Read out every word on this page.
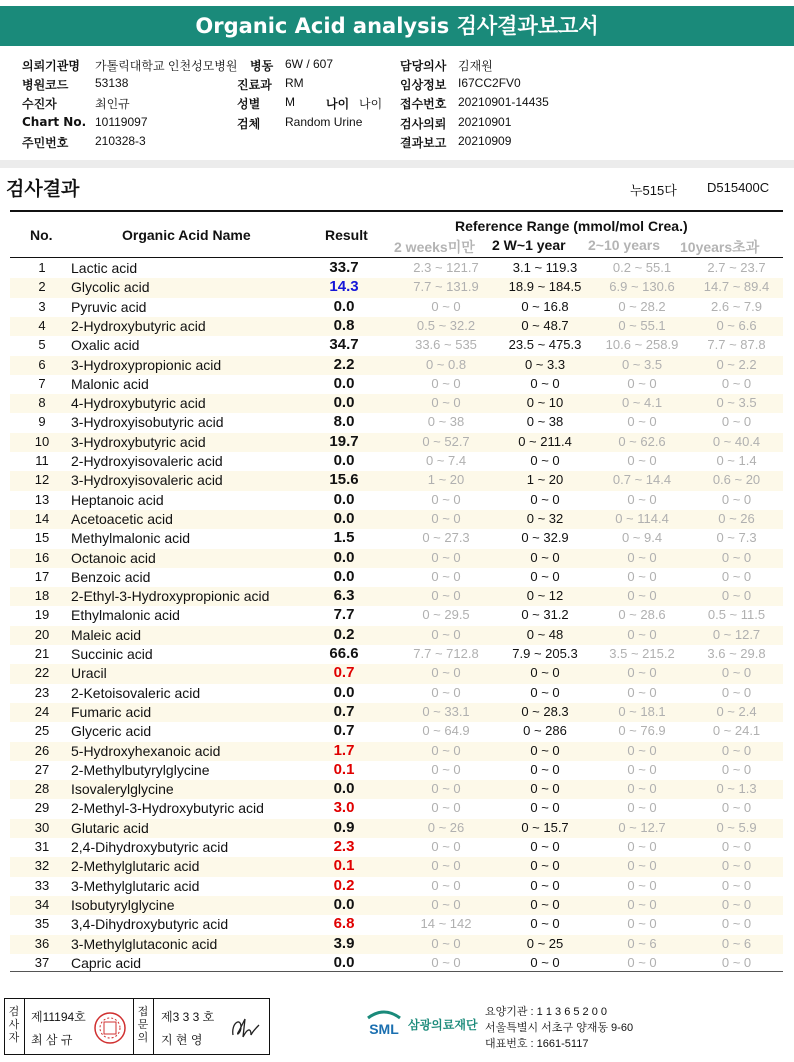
Organic Acid analysis 검사결과보고서
의뢰기관명 가톨릭대학교 인천성모병원 병동 6W / 607	담당의사 김재원
병원코드 53138	진료과 RM	임상정보 I67CC2FV0
수진자	최인규	성별 M	나이 나이 접수번호 20210901-14435
Chart No. 10119097	검체 Random Urine	검사의뢰 20210901
주민번호 210328-3	결과보고 20210909
검사결과	누515다 D515400C
No.	Organic Acid Name	Result
Reference Range (mmol/mol Crea.)
2 weeks미만 2 W~1 year 2~10 years 10years초과
1	Lactic acid	33.7	2.3 ~ 121.7	3.1 ~ 119.3	0.2 ~ 55.1	2.7 ~ 23.7
2	Glycolic acid	14.3	7.7 ~ 131.9	18.9 ~ 184.5	6.9 ~ 130.6	14.7 ~ 89.4
3	Pyruvic acid	0.0	0 ~ 0	0 ~ 16.8	0 ~ 28.2	2.6 ~ 7.9
4	2-Hydroxybutyric acid	0.8	0.5 ~ 32.2	0 ~ 48.7	0 ~ 55.1	0 ~ 6.6
5	Oxalic acid	34.7	33.6 ~ 535	23.5 ~ 475.3	10.6 ~ 258.9	7.7 ~ 87.8
6	3-Hydroxypropionic acid	2.2	0 ~ 0.8	0 ~ 3.3	0 ~ 3.5	0 ~ 2.2
7	Malonic acid	0.0	0 ~ 0	0 ~ 0	0 ~ 0	0 ~ 0
8	4-Hydroxybutyric acid	0.0	0 ~ 0	0 ~ 10	0 ~ 4.1	0 ~ 3.5
9	3-Hydroxyisobutyric acid	8.0	0 ~ 38	0 ~ 38	0 ~ 0	0 ~ 0
10 3-Hydroxybutyric acid	19.7	0 ~ 52.7	0 ~ 211.4	0 ~ 62.6	0 ~ 40.4
11 2-Hydroxyisovaleric acid	0.0	0 ~ 7.4	0 ~ 0	0 ~ 0	0 ~ 1.4
12 3-Hydroxyisovaleric acid	15.6	1 ~ 20	1 ~ 20	0.7 ~ 14.4	0.6 ~ 20
13 Heptanoic acid	0.0	0 ~ 0	0 ~ 0	0 ~ 0	0 ~ 0
14 Acetoacetic acid	0.0	0 ~ 0	0 ~ 32	0 ~ 114.4	0 ~ 26
15 Methylmalonic acid	1.5	0 ~ 27.3	0 ~ 32.9	0 ~ 9.4	0 ~ 7.3
16 Octanoic acid	0.0	0 ~ 0	0 ~ 0	0 ~ 0	0 ~ 0
17 Benzoic acid	0.0	0 ~ 0	0 ~ 0	0 ~ 0	0 ~ 0
18 2-Ethyl-3-Hydroxypropionic acid	6.3	0 ~ 0	0 ~ 12	0 ~ 0	0 ~ 0
19 Ethylmalonic acid	7.7	0 ~ 29.5	0 ~ 31.2	0 ~ 28.6	0.5 ~ 11.5
20 Maleic acid	0.2	0 ~ 0	0 ~ 48	0 ~ 0	0 ~ 12.7
21 Succinic acid	66.6	7.7 ~ 712.8	7.9 ~ 205.3	3.5 ~ 215.2	3.6 ~ 29.8
22 Uracil	0.7	0 ~ 0	0 ~ 0	0 ~ 0	0 ~ 0
23 2-Ketoisovaleric acid	0.0	0 ~ 0	0 ~ 0	0 ~ 0	0 ~ 0
24 Fumaric acid	0.7	0 ~ 33.1	0 ~ 28.3	0 ~ 18.1	0 ~ 2.4
25 Glyceric acid	0.7	0 ~ 64.9	0 ~ 286	0 ~ 76.9	0 ~ 24.1
26 5-Hydroxyhexanoic acid	1.7	0 ~ 0	0 ~ 0	0 ~ 0	0 ~ 0
27 2-Methylbutyrylglycine	0.1	0 ~ 0	0 ~ 0	0 ~ 0	0 ~ 0
28 Isovalerylglycine	0.0	0 ~ 0	0 ~ 0	0 ~ 0	0 ~ 1.3
29 2-Methyl-3-Hydroxybutyric acid	3.0	0 ~ 0	0 ~ 0	0 ~ 0	0 ~ 0
30 Glutaric acid	0.9	0 ~ 26	0 ~ 15.7	0 ~ 12.7	0 ~ 5.9
31 2,4-Dihydroxybutyric acid	2.3	0 ~ 0	0 ~ 0	0 ~ 0	0 ~ 0
32 2-Methylglutaric acid	0.1	0 ~ 0	0 ~ 0	0 ~ 0	0 ~ 0
33 3-Methylglutaric acid	0.2	0 ~ 0	0 ~ 0	0 ~ 0	0 ~ 0
34 Isobutyrylglycine	0.0	0 ~ 0	0 ~ 0	0 ~ 0	0 ~ 0
35 3,4-Dihydroxybutyric acid	6.8	14 ~ 142	0 ~ 0	0 ~ 0	0 ~ 0
36 3-Methylglutaconic acid	3.9	0 ~ 0	0 ~ 25	0 ~ 6	0 ~ 6
37 Capric acid	0.0	0 ~ 0	0 ~ 0	0 ~ 0	0 ~ 0
검사자
제11194호
최 삼 규
접문의
제3 3 3 호
지 현 영
SML 삼광의료재단
요양기관 : 1 1 3 6 5 2 0 0
서울특별시 서초구 양재동 9-60
대표번호 : 1661-5117
